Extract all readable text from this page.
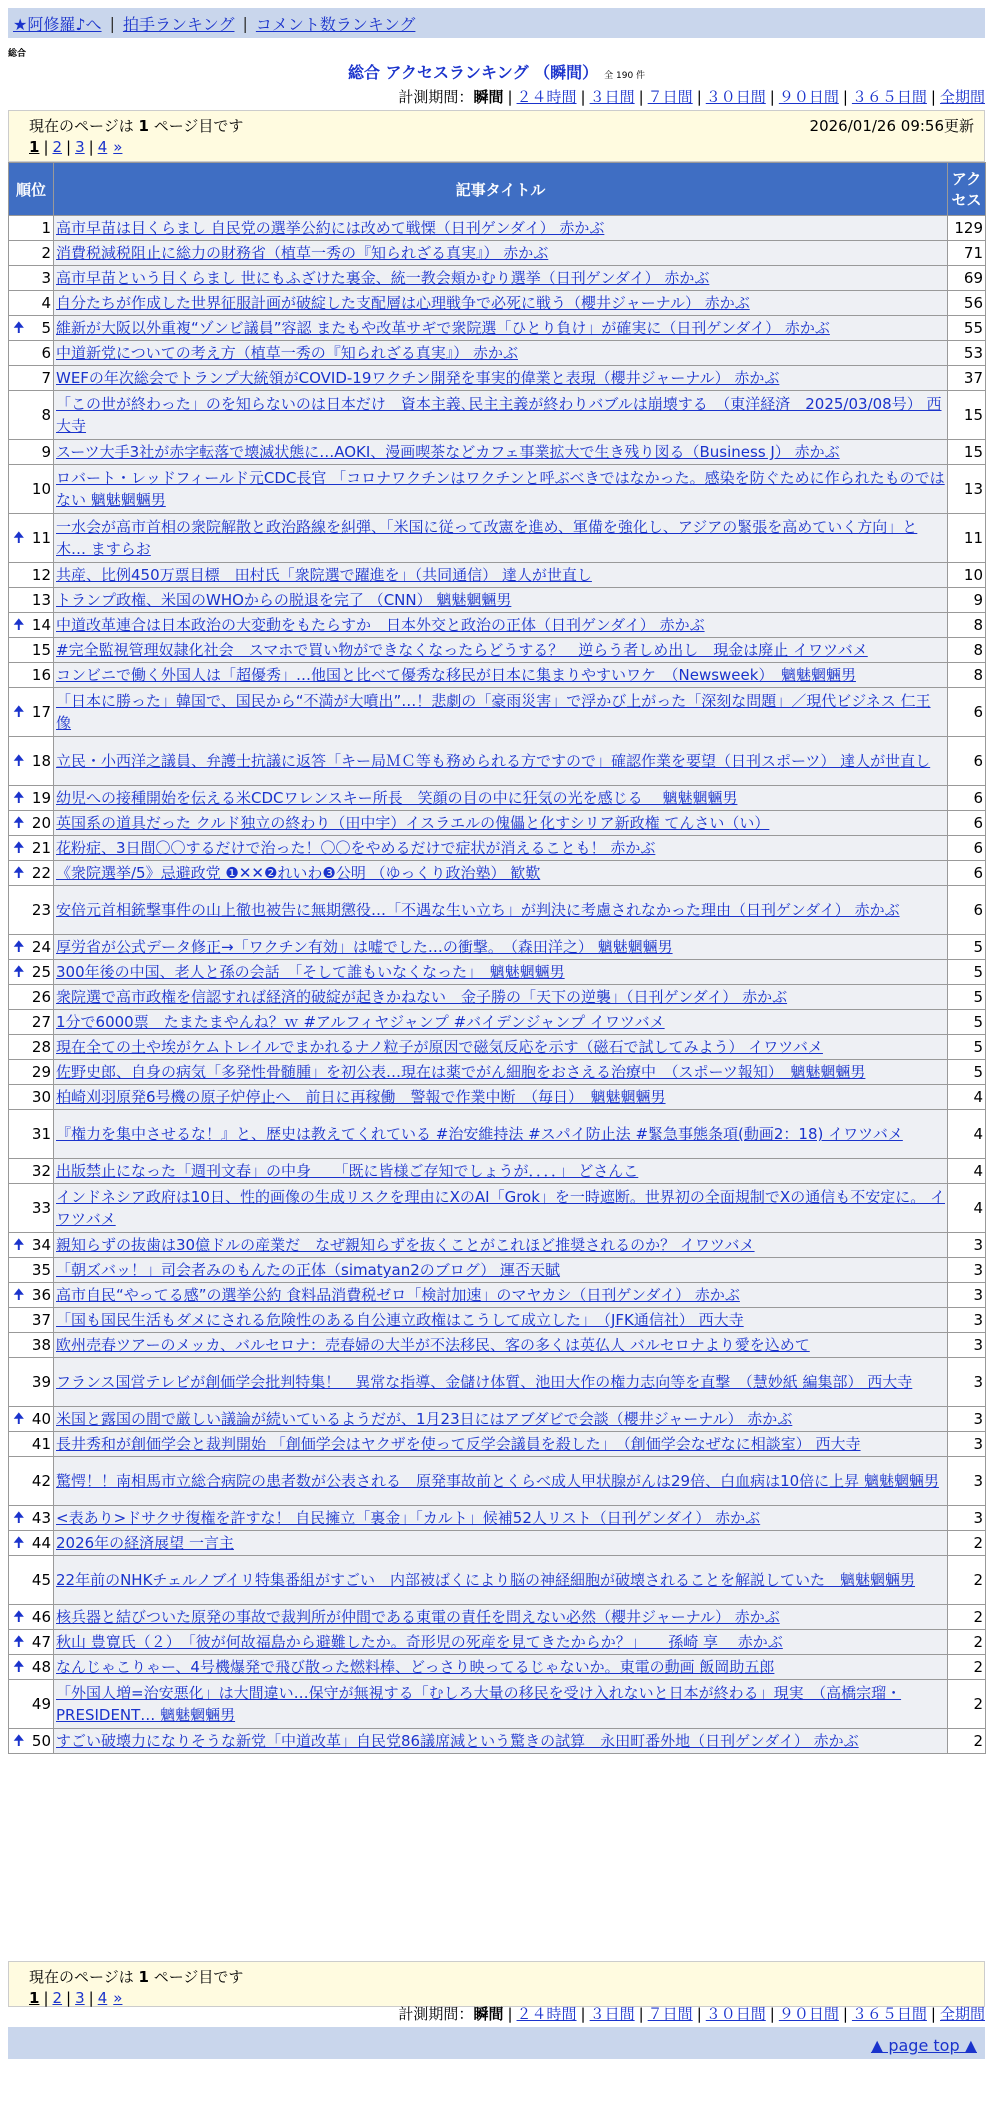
★阿修羅♪へ | 拍手ランキング | コメント数ランキング
総合
総合 アクセスランキング （瞬間） 全 190 件
計測期間：瞬間 | ２４時間 | ３日間 | ７日間 | ３０日間 | ９０日間 | ３６５日間 | 全期間
現在のページは 1 ページ目です	2026/01/26 09:56更新
1 | 2 | 3 | 4 »
順位	記事タイトル	アクセス
1	高市早苗は目くらまし 自民党の選挙公約には改めて戦慄（日刊ゲンダイ） 赤かぶ	129
2	消費税減税阻止に総力の財務省（植草一秀の『知られざる真実』） 赤かぶ	71
3	高市早苗という目くらまし 世にもふざけた裏金、統一教会頬かむり選挙（日刊ゲンダイ） 赤かぶ	69
4	自分たちが作成した世界征服計画が破綻した支配層は心理戦争で必死に戦う（櫻井ジャーナル） 赤かぶ	56

🠉 5	維新が大阪以外重複“ゾンビ議員”容認 またもや改革サギで衆院選「ひとり負け」が確実に（日刊ゲンダイ） 赤かぶ	55
6	中道新党についての考え方（植草一秀の『知られざる真実』） 赤かぶ	53
7	WEFの年次総会でトランプ大統領がCOVID-19ワクチン開発を事実的偉業と表現（櫻井ジャーナル） 赤かぶ	37
8	「この世が終わった」のを知らないのは日本だけ　資本主義､民主主義が終わりバブルは崩壊する　（東洋経済　2025/03/08号） 西大寺	15
9	スーツ大手3社が赤字転落で壊滅状態に…AOKI、漫画喫茶などカフェ事業拡大で生き残り図る（Business J） 赤かぶ	15
10	ロバート・レッドフィールド元CDC長官 「コロナワクチンはワクチンと呼ぶべきではなかった。感染を防ぐために作られたものではない 魑魅魍魎男	13

🠉 11	一水会が高市首相の衆院解散と政治路線を糾弾、「米国に従って改憲を進め、軍備を強化し、アジアの緊張を高めていく方向」と木… ますらお	11
12	共産、比例450万票目標　田村氏「衆院選で躍進を」（共同通信） 達人が世直し	10
13	トランプ政権、米国のWHOからの脱退を完了 （CNN） 魑魅魍魎男	9

🠉 14	中道改革連合は日本政治の大変動をもたらすか　日本外交と政治の正体（日刊ゲンダイ） 赤かぶ	8
15	#完全監視管理奴隷化社会　スマホで買い物ができなくなったらどうする？　逆らう者しめ出し　現金は廃止 イワツバメ	8
16	コンビニで働く外国人は「超優秀」…他国と比べて優秀な移民が日本に集まりやすいワケ　（Newsweek）　魑魅魍魎男	8

🠉 17	「日本に勝った」韓国で、国民から“不満が大噴出”…！悲劇の「豪雨災害」で浮かび上がった「深刻な問題」／現代ビジネス 仁王像	6

🠉 18	立民・小西洋之議員、弁護士抗議に返答「キー局ＭＣ等も務められる方ですので」確認作業を要望（日刊スポーツ） 達人が世直し	6

🠉 19	幼児への接種開始を伝える米CDCワレンスキー所長　笑顔の目の中に狂気の光を感じる　 魑魅魍魎男	6

🠉 20	英国系の道具だった クルド独立の終わり（田中宇）イスラエルの傀儡と化すシリア新政権 てんさい（い）	6

🠉 21	花粉症、3日間〇〇するだけで治った！〇〇をやめるだけで症状が消えることも！ 赤かぶ	6

🠉 22	《衆院選挙/5》忌避政党 ❶✕✕❷れいわ❸公明 （ゆっくり政治塾） 歓歎	6
23	安倍元首相銃撃事件の山上徹也被告に無期懲役…「不遇な生い立ち」が判決に考慮されなかった理由（日刊ゲンダイ） 赤かぶ	6

🠉 24	厚労省が公式データ修正→「ワクチン有効」は嘘でした…の衝撃。　（森田洋之） 魑魅魍魎男	5

🠉 25	300年後の中国、老人と孫の会話　「そして誰もいなくなった」　魑魅魍魎男	5
26	衆院選で高市政権を信認すれば経済的破綻が起きかねない　金子勝の「天下の逆襲」（日刊ゲンダイ） 赤かぶ	5
27	1分で6000票　たまたまやんね？ｗ #アルフィヤジャンプ #バイデンジャンプ イワツバメ	5
28	現在全ての土や埃がケムトレイルでまかれるナノ粒子が原因で磁気反応を示す（磁石で試してみよう） イワツバメ	5
29	佐野史郎、自身の病気「多発性骨髄腫」を初公表…現在は薬でがん細胞をおさえる治療中　（スポーツ報知）　魑魅魍魎男	5
30	柏崎刈羽原発6号機の原子炉停止へ　前日に再稼働　警報で作業中断　（毎日）　魑魅魍魎男	4
31	『権力を集中させるな！』と、歴史は教えてくれている #治安維持法 #スパイ防止法 #緊急事態条項(動画2：18) イワツバメ	4
32	出版禁止になった「週刊文春」の中身　　「既に皆様ご存知でしょうが．．．．」 どさんこ	4
33	インドネシア政府は10日、性的画像の生成リスクを理由にXのAI「Grok」を一時遮断。世界初の全面規制でXの通信も不安定に。 イワツバメ	4

🠉 34	親知らずの抜歯は30億ドルの産業だ　なぜ親知らずを抜くことがこれほど推奨されるのか？ イワツバメ	3
35	「朝ズバッ！」司会者みのもんたの正体（simatyan2のブログ） 運否天賦	3

🠉 36	高市自民“やってる感”の選挙公約 食料品消費税ゼロ「検討加速」のマヤカシ（日刊ゲンダイ） 赤かぶ	3
37	「国も国民生活もダメにされる危険性のある自公連立政権はこうして成立した」　（JFK通信社） 西大寺	3
38	欧州売春ツアーのメッカ、バルセロナ：売春婦の大半が不法移民、客の多くは英仏人 バルセロナより愛を込めて	3
39	フランス国営テレビが創価学会批判特集！　異常な指導、金儲け体質、池田大作の権力志向等を直撃　（慧妙紙 編集部） 西大寺	3

🠉 40	米国と露国の間で厳しい議論が続いているようだが、1月23日にはアブダビで会談（櫻井ジャーナル） 赤かぶ	3
41	長井秀和が創価学会と裁判開始 「創価学会はヤクザを使って反学会議員を殺した」　（創価学会なぜなに相談室） 西大寺	3
42	驚愕！！南相馬市立総合病院の患者数が公表される　原発事故前とくらべ成人甲状腺がんは29倍、白血病は10倍に上昇 魑魅魍魎男	3

🠉 43	<表あり>ドサクサ復権を許すな！ 自民擁立「裏金」「カルト」候補52人リスト（日刊ゲンダイ） 赤かぶ	3

🠉 44	2026年の経済展望 一言主	2
45	22年前のNHKチェルノブイリ特集番組がすごい　内部被ばくにより脳の神経細胞が破壊されることを解説していた　魑魅魍魎男	2

🠉 46	核兵器と結びついた原発の事故で裁判所が仲間である東電の責任を問えない必然（櫻井ジャーナル） 赤かぶ	2

🠉 47	秋山 豊寛氏（２）　「彼が何故福島から避難したか。奇形児の死産を見てきたからか？」　　孫崎 享　 赤かぶ	2

🠉 48	なんじゃこりゃー、4号機爆発で飛び散った燃料棒、どっさり映ってるじゃないか。東電の動画 飯岡助五郎	2
49	「外国人増=治安悪化」は大間違い…保守が無視する「むしろ大量の移民を受け入れないと日本が終わる」現実　（高橋宗瑠・PRESIDENT… 魑魅魍魎男	2

🠉 50	すごい破壊力になりそうな新党「中道改革」自民党86議席減という驚きの試算　永田町番外地（日刊ゲンダイ） 赤かぶ	2
現在のページは 1 ページ目です
1 | 2 | 3 | 4 »
計測期間：瞬間 | ２４時間 | ３日間 | ７日間 | ３０日間 | ９０日間 | ３６５日間 | 全期間
▲ page top ▲
